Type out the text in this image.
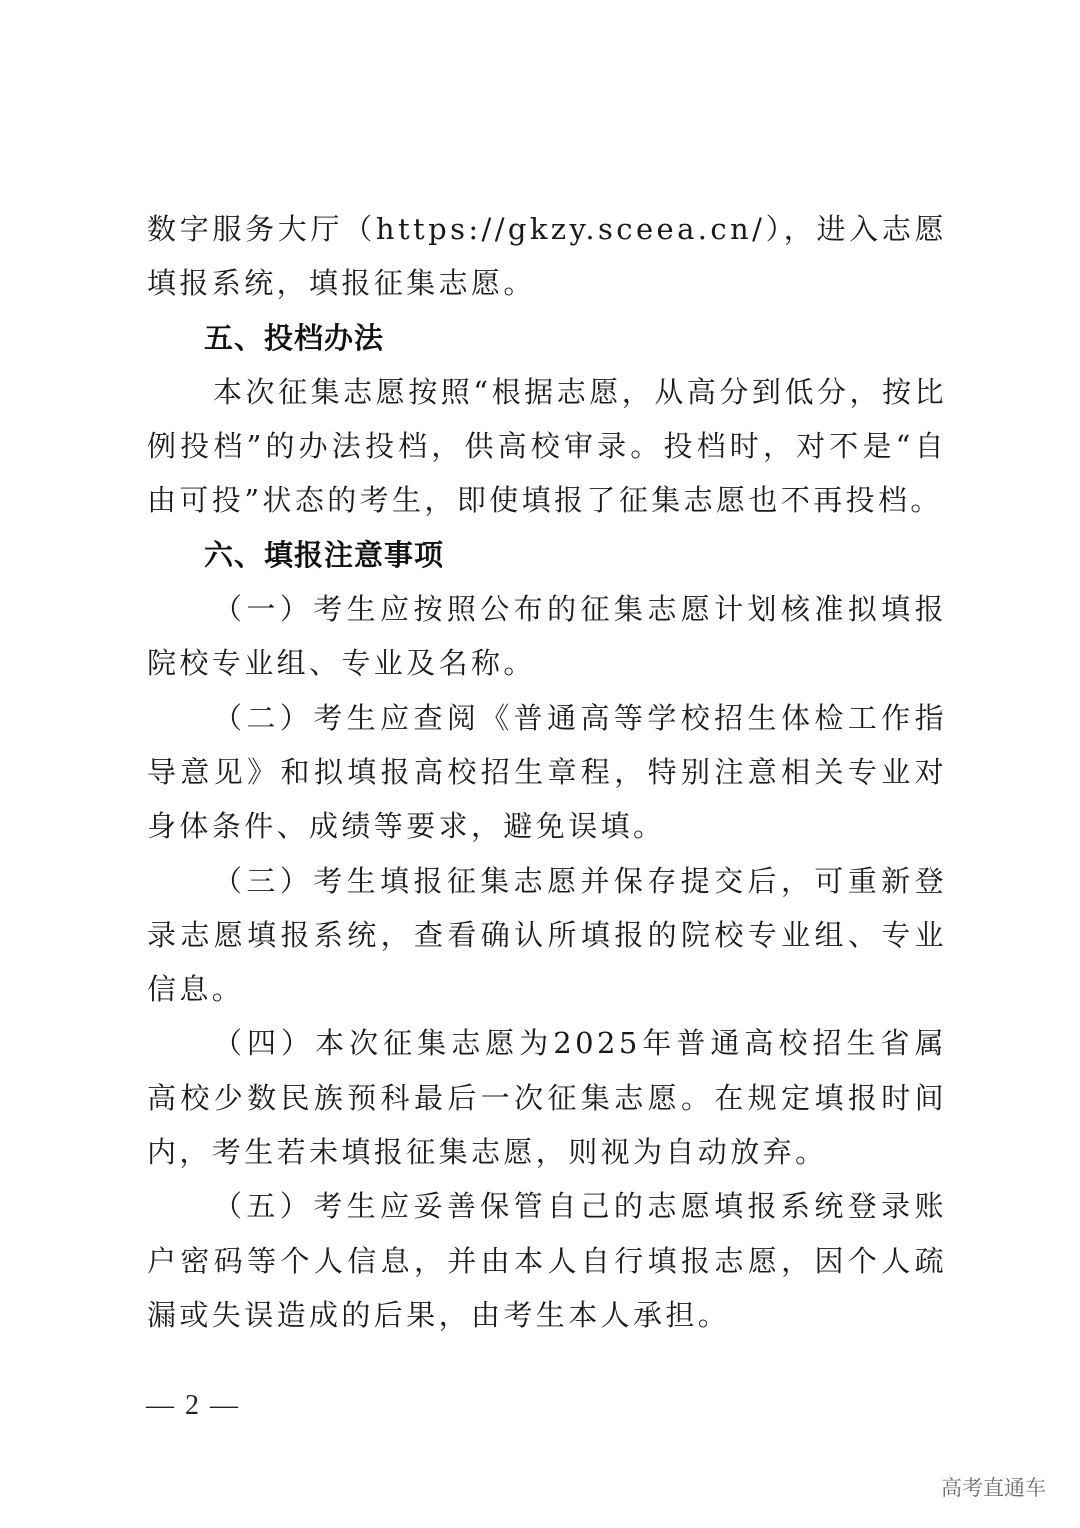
数字服务大厅（https://gkzy.sceea.cn/），进入志愿填报系统，填报征集志愿。

五、投档办法

本次征集志愿按照“根据志愿，从高分到低分，按比例投档”的办法投档，供高校审录。投档时，对不是“自由可投”状态的考生，即使填报了征集志愿也不再投档。

六、填报注意事项

（一）考生应按照公布的征集志愿计划核准拟填报院校专业组、专业及名称。

（二）考生应查阅《普通高等学校招生体检工作指导意见》和拟填报高校招生章程，特别注意相关专业对身体条件、成绩等要求，避免误填。

（三）考生填报征集志愿并保存提交后，可重新登录志愿填报系统，查看确认所填报的院校专业组、专业信息。

（四）本次征集志愿为2025年普通高校招生省属高校少数民族预科最后一次征集志愿。在规定填报时间内，考生若未填报征集志愿，则视为自动放弃。

（五）考生应妥善保管自己的志愿填报系统登录账户密码等个人信息，并由本人自行填报志愿，因个人疏漏或失误造成的后果，由考生本人承担。

— 2 —
高考直通车
